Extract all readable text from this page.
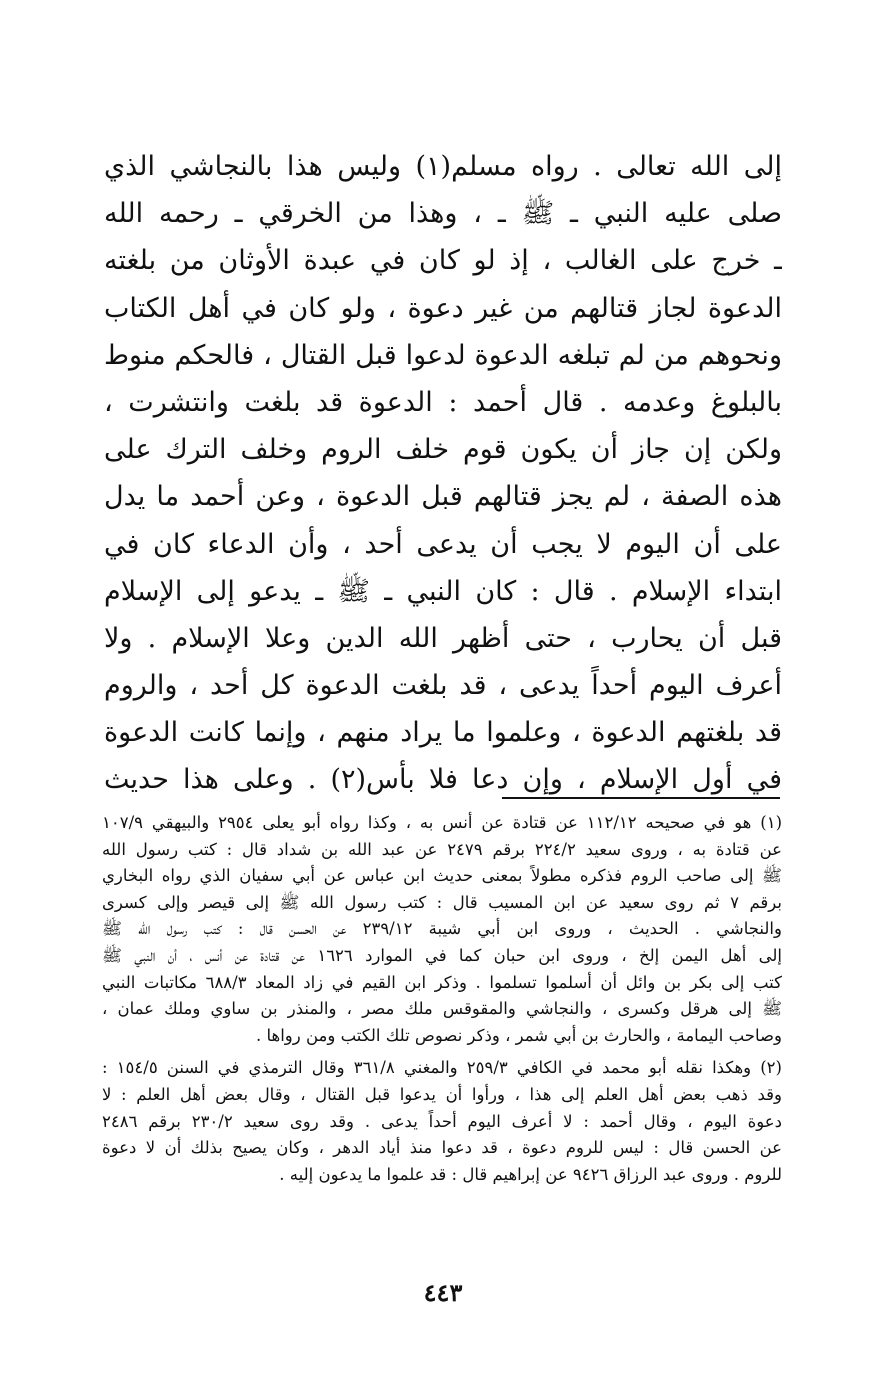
إلى الله تعالى . رواه مسلم(١) وليس هذا بالنجاشي الذي
صلى عليه النبي ـ ﷺ ـ ، وهذا من الخرقي ـ رحمه الله
ـ خرج على الغالب ، إذ لو كان في عبدة الأوثان من بلغته
الدعوة لجاز قتالهم من غير دعوة ، ولو كان في أهل الكتاب
ونحوهم من لم تبلغه الدعوة لدعوا قبل القتال ، فالحكم منوط
بالبلوغ وعدمه . قال أحمد : الدعوة قد بلغت وانتشرت ،
ولكن إن جاز أن يكون قوم خلف الروم وخلف الترك على
هذه الصفة ، لم يجز قتالهم قبل الدعوة ، وعن أحمد ما يدل
على أن اليوم لا يجب أن يدعى أحد ، وأن الدعاء كان في
ابتداء الإسلام . قال : كان النبي ـ ﷺ ـ يدعو إلى الإسلام
قبل أن يحارب ، حتى أظهر الله الدين وعلا الإسلام . ولا
أعرف اليوم أحداً يدعى ، قد بلغت الدعوة كل أحد ، والروم
قد بلغتهم الدعوة ، وعلموا ما يراد منهم ، وإنما كانت الدعوة
في أول الإسلام ، وإن دعا فلا بأس(٢) . وعلى هذا حديث
(١) هو في صحيحه ١١٢/١٢ عن قتادة عن أنس به ، وكذا رواه أبو يعلى ٢٩٥٤ والبيهقي ١٠٧/٩
عن قتادة به ، وروى سعيد ٢٢٤/٢ برقم ٢٤٧٩ عن عبد الله بن شداد قال : كتب رسول الله
ﷺ إلى صاحب الروم فذكره مطولاً بمعنى حديث ابن عباس عن أبي سفيان الذي رواه البخاري
برقم ٧ ثم روى سعيد عن ابن المسيب قال : كتب رسول الله ﷺ إلى قيصر وإلى كسرى
والنجاشي . الحديث ، وروى ابن أبي شيبة ٢٣٩/١٢ عن الحسن قال : كتب رسول الله ﷺ
إلى أهل اليمن إلخ ، وروى ابن حبان كما في الموارد ١٦٢٦ عن قتادة عن أنس ، أن النبي ﷺ
كتب إلى بكر بن وائل أن أسلموا تسلموا . وذكر ابن القيم في زاد المعاد ٦٨٨/٣ مكاتبات النبي
ﷺ إلى هرقل وكسرى ، والنجاشي والمقوقس ملك مصر ، والمنذر بن ساوي وملك عمان ،
وصاحب اليمامة ، والحارث بن أبي شمر ، وذكر نصوص تلك الكتب ومن رواها .
(٢) وهكذا نقله أبو محمد في الكافي ٢٥٩/٣ والمغني ٣٦١/٨ وقال الترمذي في السنن ١٥٤/٥ :
وقد ذهب بعض أهل العلم إلى هذا ، ورأوا أن يدعوا قبل القتال ، وقال بعض أهل العلم : لا
دعوة اليوم ، وقال أحمد : لا أعرف اليوم أحداً يدعى . وقد روى سعيد ٢٣٠/٢ برقم ٢٤٨٦
عن الحسن قال : ليس للروم دعوة ، قد دعوا منذ أياد الدهر ، وكان يصيح بذلك أن لا دعوة
للروم . وروى عبد الرزاق ٩٤٢٦ عن إبراهيم قال : قد علموا ما يدعون إليه .
٤٤٣
